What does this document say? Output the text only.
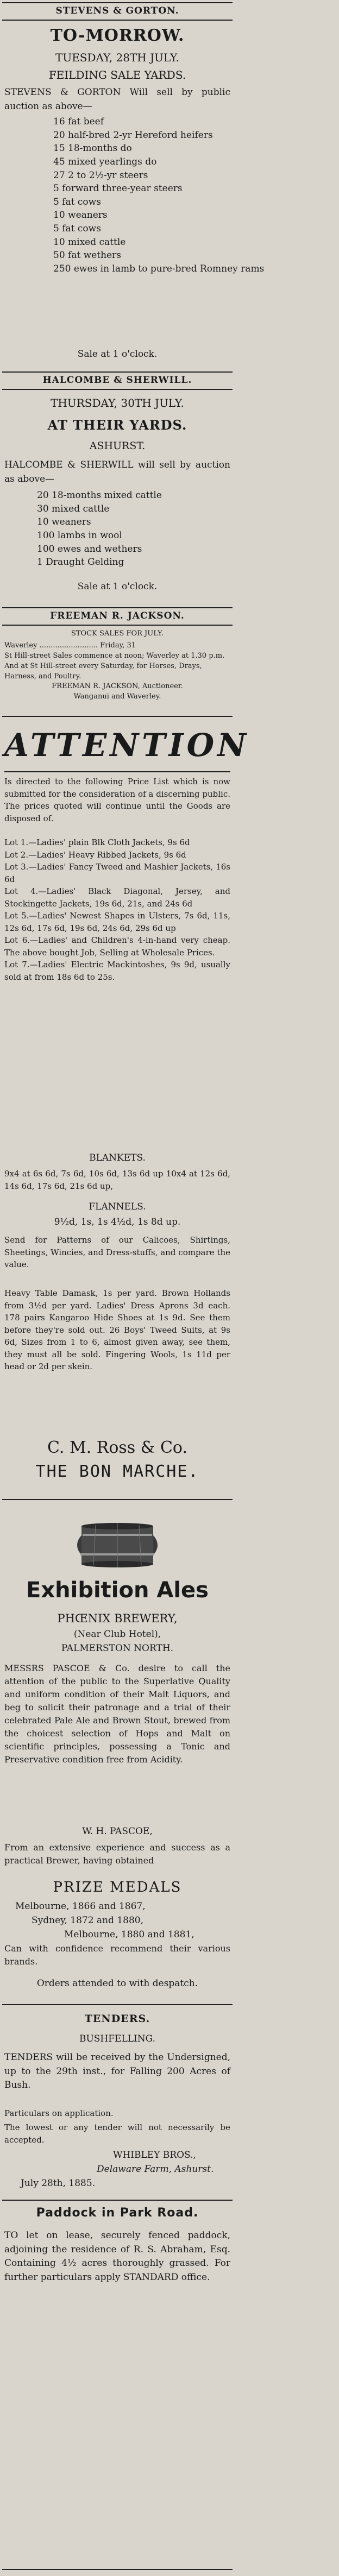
STEVENS & GORTON.
TO-MORROW.
TUESDAY, 28TH JULY.
FEILDING SALE YARDS.
STEVENS & GORTON Will sell by public auction as above—
16 fat beef
20 half-bred 2-yr Hereford heifers
15 18-months do
45 mixed yearlings do
27 2 to 2½-yr steers
5 forward three-year steers
5 fat cows
10 weaners
5 fat cows
10 mixed cattle
50 fat wethers
250 ewes in lamb to pure-bred Romney rams
Sale at 1 o'clock.
HALCOMBE & SHERWILL.
THURSDAY, 30TH JULY.
AT THEIR YARDS.
ASHURST.
HALCOMBE & SHERWILL will sell by auction as above—
20 18-months mixed cattle
30 mixed cattle
10 weaners
100 lambs in wool
100 ewes and wethers
1 Draught Gelding
Sale at 1 o'clock.
FREEMAN R. JACKSON.
STOCK SALES FOR JULY.
Waverley .......................... Friday, 31
St Hill-street Sales commence at noon; Waverley at 1.30 p.m.
And at St Hill-street every Saturday, for Horses, Drays, Harness, and Poultry.
FREEMAN R. JACKSON, Auctioneer.
Wanganui and Waverley.
ATTENTION
Is directed to the following Price List which is now submitted for the consideration of a discerning public. The prices quoted will continue until the Goods are disposed of.
Lot 1.—Ladies' plain Blk Cloth Jackets, 9s 6d
Lot 2.—Ladies' Heavy Ribbed Jackets, 9s 6d
Lot 3.—Ladies' Fancy Tweed and Mashier Jackets, 16s 6d
Lot 4.—Ladies' Black Diagonal, Jersey, and Stockingette Jackets, 19s 6d, 21s, and 24s 6d
Lot 5.—Ladies' Newest Shapes in Ulsters, 7s 6d, 11s, 12s 6d, 17s 6d, 19s 6d, 24s 6d, 29s 6d up
Lot 6.—Ladies' and Children's 4-in-hand very cheap. The above bought Job, Selling at Wholesale Prices.
Lot 7.—Ladies' Electric Mackintoshes, 9s 9d, usually sold at from 18s 6d to 25s.
BLANKETS.
9x4 at 6s 6d, 7s 6d, 10s 6d, 13s 6d up 10x4 at 12s 6d, 14s 6d, 17s 6d, 21s 6d up,
FLANNELS.
9½d, 1s, 1s 4½d, 1s 8d up.
Send for Patterns of our Calicoes, Shirtings, Sheetings, Wincies, and Dress-stuffs, and compare the value.
Heavy Table Damask, 1s per yard. Brown Hollands from 3½d per yard. Ladies' Dress Aprons 3d each. 178 pairs Kangaroo Hide Shoes at 1s 9d. See them before they're sold out. 26 Boys' Tweed Suits, at 9s 6d, Sizes from 1 to 6, almost given away, see them, they must all be sold. Fingering Wools, 1s 11d per head or 2d per skein.
C. M. Ross & Co.
THE BON MARCHE.
Exhibition Ales
PHŒNIX BREWERY,
(Near Club Hotel),
PALMERSTON NORTH.
MESSRS PASCOE & Co. desire to call the attention of the public to the Superlative Quality and uniform condition of their Malt Liquors, and beg to solicit their patronage and a trial of their celebrated Pale Ale and Brown Stout, brewed from the choicest selection of Hops and Malt on scientific principles, possessing a Tonic and Preservative condition free from Acidity.
W. H. PASCOE,
From an extensive experience and success as a practical Brewer, having obtained
PRIZE MEDALS
Melbourne, 1866 and 1867,
Sydney, 1872 and 1880,
Melbourne, 1880 and 1881,
Can with confidence recommend their various brands.
Orders attended to with despatch.
TENDERS.
BUSHFELLING.
TENDERS will be received by the Undersigned, up to the 29th inst., for Falling 200 Acres of Bush.
Particulars on application.
The lowest or any tender will not necessarily be accepted.
WHIBLEY BROS.,
Delaware Farm, Ashurst.
July 28th, 1885.
Paddock in Park Road.
TO let on lease, securely fenced paddock, adjoining the residence of R. S. Abraham, Esq. Containing 4½ acres thoroughly grassed. For further particulars apply STANDARD office.
